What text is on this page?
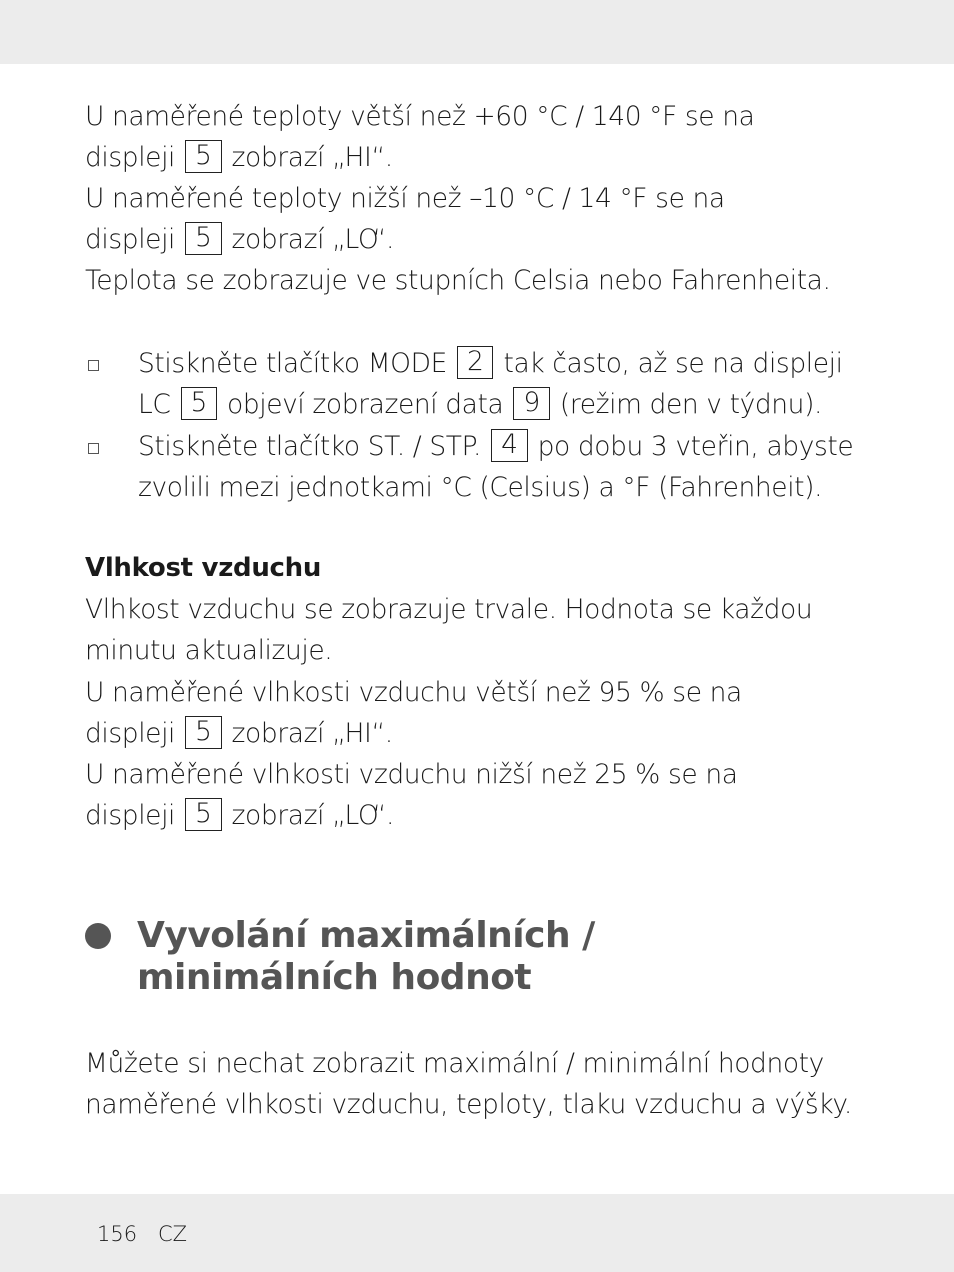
U naměřené teploty větší než +60 °C / 140 °F se na
displeji 5 zobrazí „HI“.
U naměřené teploty nižší než –10 °C / 14 °F se na
displeji 5 zobrazí „LO“.
Teplota se zobrazuje ve stupních Celsia nebo Fahrenheita.
Stiskněte tlačítko MODE 2 tak často, až se na displeji
LC 5 objeví zobrazení data 9 (režim den v týdnu).
Stiskněte tlačítko ST. / STP. 4 po dobu 3 vteřin, abyste
zvolili mezi jednotkami °C (Celsius) a °F (Fahrenheit).
Vlhkost vzduchu
Vlhkost vzduchu se zobrazuje trvale. Hodnota se každou
minutu aktualizuje.
U naměřené vlhkosti vzduchu větší než 95 % se na
displeji 5 zobrazí „HI“.
U naměřené vlhkosti vzduchu nižší než 25 % se na
displeji 5 zobrazí „LO“.
Vyvolání maximálních /
minimálních hodnot
Můžete si nechat zobrazit maximální / minimální hodnoty
naměřené vlhkosti vzduchu, teploty, tlaku vzduchu a výšky.
156 CZ
